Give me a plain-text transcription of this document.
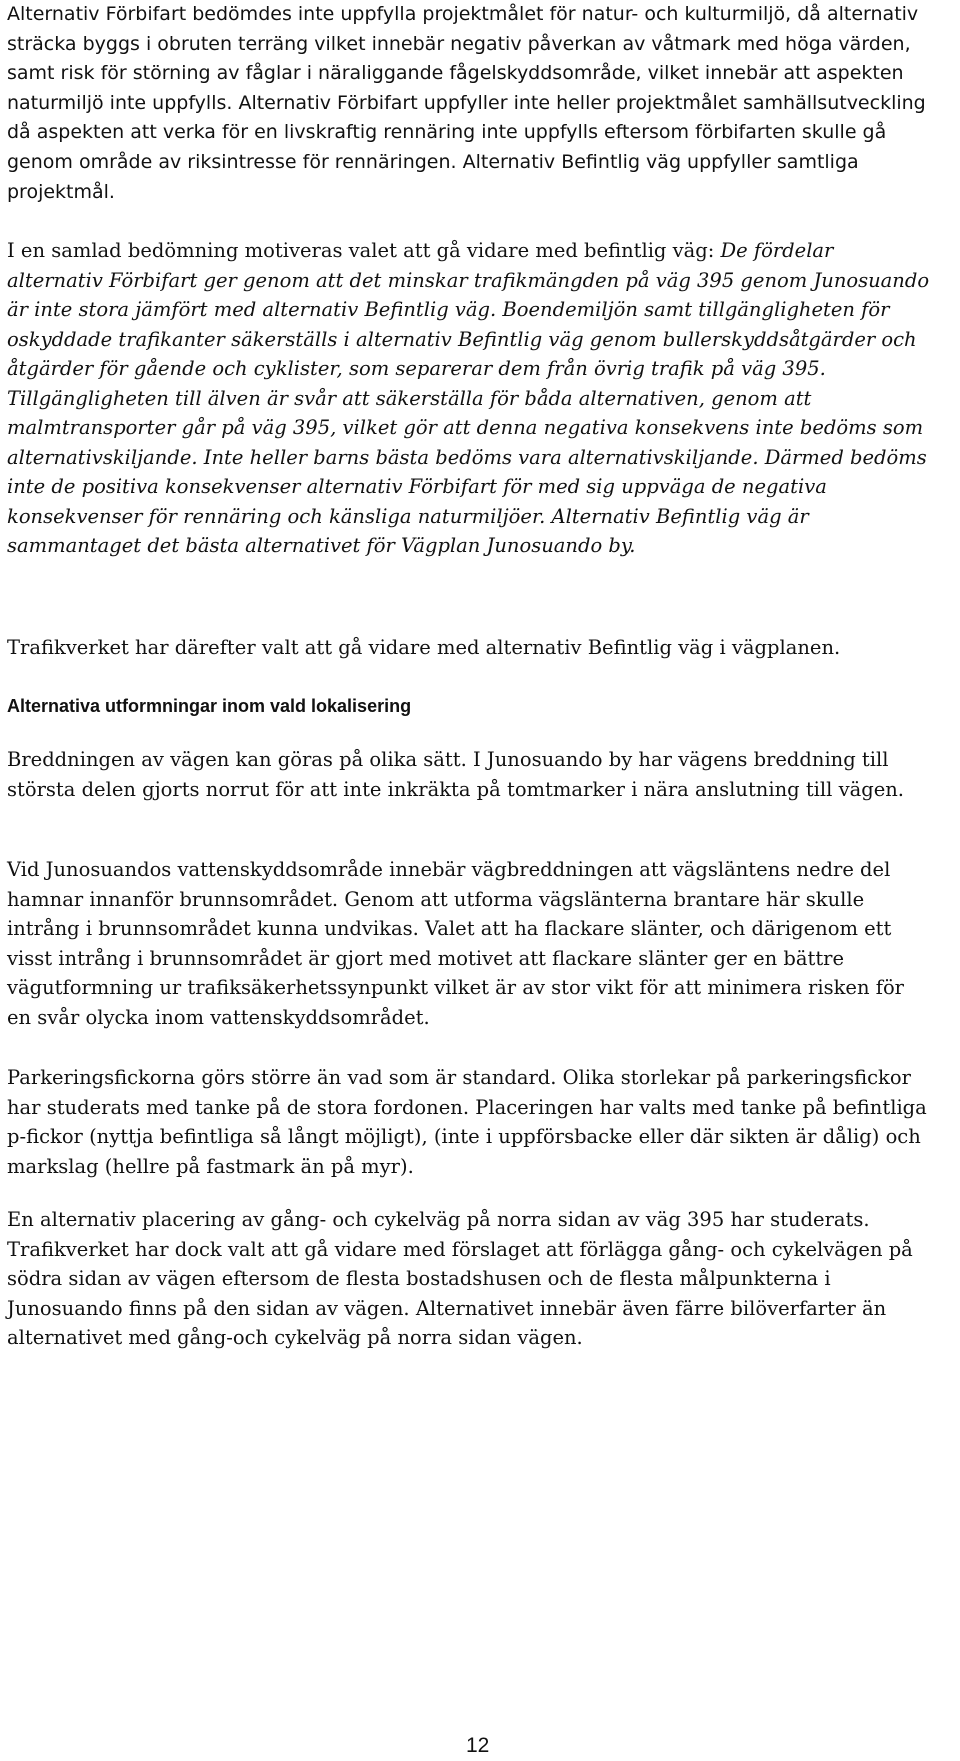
Alternativ Förbifart bedömdes inte uppfylla projektmålet för natur- och kulturmiljö, då alternativ sträcka byggs i obruten terräng vilket innebär negativ påverkan av våtmark med höga värden, samt risk för störning av fåglar i näraliggande fågelskyddsområde, vilket innebär att aspekten naturmiljö inte uppfylls. Alternativ Förbifart uppfyller inte heller projektmålet samhällsutveckling då aspekten att verka för en livskraftig rennäring inte uppfylls eftersom förbifarten skulle gå genom område av riksintresse för rennäringen. Alternativ Befintlig väg uppfyller samtliga projektmål.

I en samlad bedömning motiveras valet att gå vidare med befintlig väg: De fördelar alternativ Förbifart ger genom att det minskar trafikmängden på väg 395 genom Junosuando är inte stora jämfört med alternativ Befintlig väg. Boendemiljön samt tillgängligheten för oskyddade trafikanter säkerställs i alternativ Befintlig väg genom bullerskyddsåtgärder och åtgärder för gående och cyklister, som separerar dem från övrig trafik på väg 395. Tillgängligheten till älven är svår att säkerställa för båda alternativen, genom att malmtransporter går på väg 395, vilket gör att denna negativa konsekvens inte bedöms som alternativskiljande. Inte heller barns bästa bedöms vara alternativskiljande. Därmed bedöms inte de positiva konsekvenser alternativ Förbifart för med sig uppväga de negativa konsekvenser för rennäring och känsliga naturmiljöer. Alternativ Befintlig väg är sammantaget det bästa alternativet för Vägplan Junosuando by.

Trafikverket har därefter valt att gå vidare med alternativ Befintlig väg i vägplanen.

Alternativa utformningar inom vald lokalisering

Breddningen av vägen kan göras på olika sätt. I Junosuando by har vägens breddning till största delen gjorts norrut för att inte inkräkta på tomtmarker i nära anslutning till vägen.

Vid Junosuandos vattenskyddsområde innebär vägbreddningen att vägsläntens nedre del hamnar innanför brunnsområdet. Genom att utforma vägslänterna brantare här skulle intrång i brunnsområdet kunna undvikas. Valet att ha flackare slänter, och därigenom ett visst intrång i brunnsområdet är gjort med motivet att flackare slänter ger en bättre vägutformning ur trafiksäkerhetssynpunkt vilket är av stor vikt för att minimera risken för en svår olycka inom vattenskyddsområdet.

Parkeringsfickorna görs större än vad som är standard. Olika storlekar på parkeringsfickor har studerats med tanke på de stora fordonen. Placeringen har valts med tanke på befintliga p-fickor (nyttja befintliga så långt möjligt), (inte i uppförsbacke eller där sikten är dålig) och markslag (hellre på fastmark än på myr).

En alternativ placering av gång- och cykelväg på norra sidan av väg 395 har studerats. Trafikverket har dock valt att gå vidare med förslaget att förlägga gång- och cykelvägen på södra sidan av vägen eftersom de flesta bostadshusen och de flesta målpunkterna i Junosuando finns på den sidan av vägen. Alternativet innebär även färre bilöverfarter än alternativet med gång-och cykelväg på norra sidan vägen.

12
